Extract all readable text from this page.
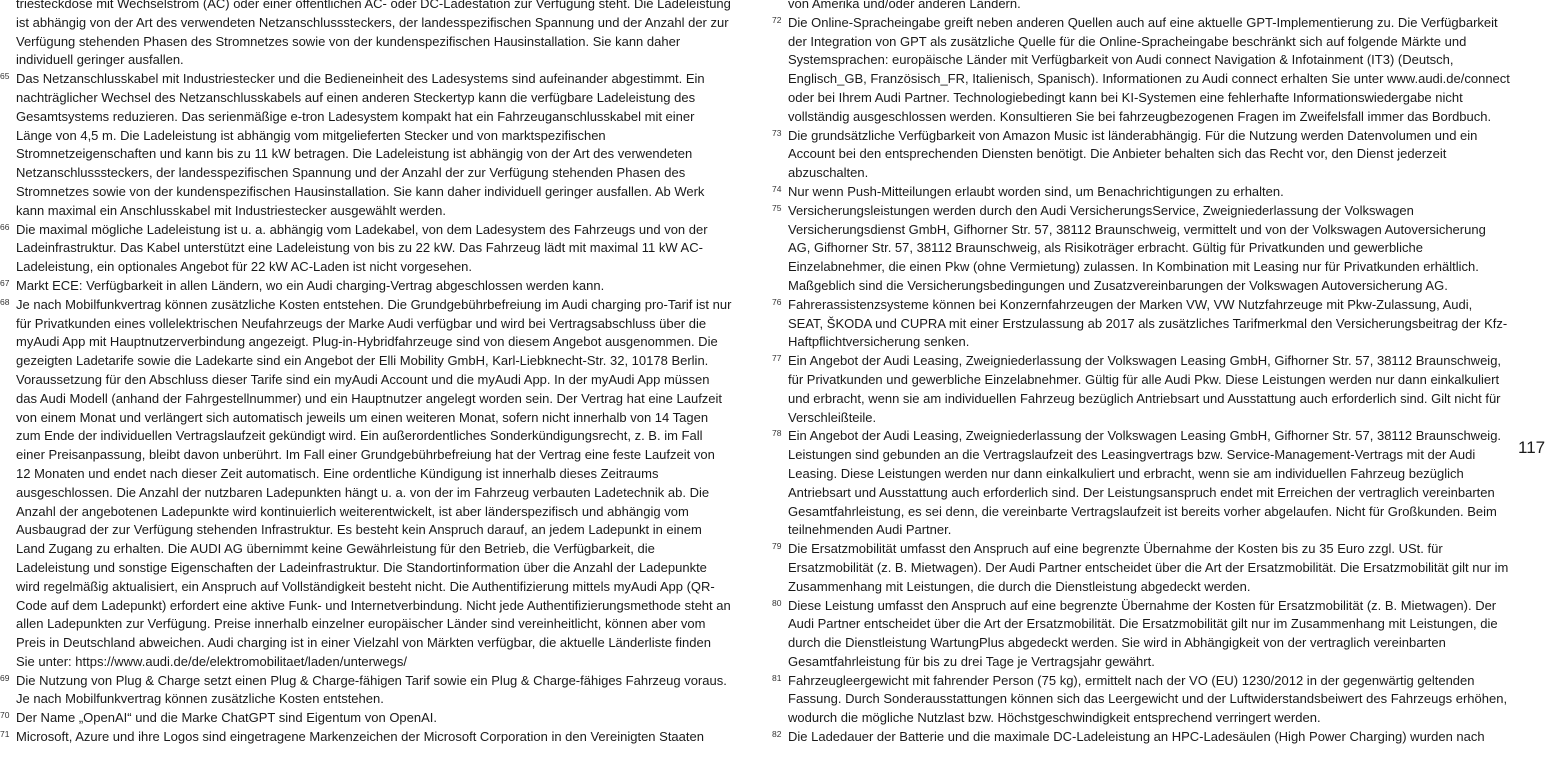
triesteckdose mit Wechselstrom (AC) oder einer öffentlichen AC- oder DC-Ladestation zur Verfügung steht. Die Ladeleistung ist abhängig von der Art des verwendeten Netzanschlusssteckers, der landesspezifischen Spannung und der Anzahl der zur Verfügung stehenden Phasen des Stromnetzes sowie von der kundenspezifischen Hausinstallation. Sie kann daher individuell geringer ausfallen.

65 Das Netzanschlusskabel mit Industriestecker und die Bedieneinheit des Ladesystems sind aufeinander abgestimmt. Ein nachträglicher Wechsel des Netzanschlusskabels auf einen anderen Steckertyp kann die verfügbare Ladeleistung des Gesamtsystems reduzieren. Das serienmäßige e-tron Ladesystem kompakt hat ein Fahrzeuganschlusskabel mit einer Länge von 4,5 m. Die Ladeleistung ist abhängig vom mitgelieferten Stecker und von marktspezifischen Stromnetzeigenschaften und kann bis zu 11 kW betragen. Die Ladeleistung ist abhängig von der Art des verwendeten Netzanschlusssteckers, der landesspezifischen Spannung und der Anzahl der zur Verfügung stehenden Phasen des Stromnetzes sowie von der kundenspezifischen Hausinstallation. Sie kann daher individuell geringer ausfallen. Ab Werk kann maximal ein Anschlusskabel mit Industriestecker ausgewählt werden.

66 Die maximal mögliche Ladeleistung ist u. a. abhängig vom Ladekabel, von dem Ladesystem des Fahrzeugs und von der Ladeinfrastruktur. Das Kabel unterstützt eine Ladeleistung von bis zu 22 kW. Das Fahrzeug lädt mit maximal 11 kW AC-Ladeleistung, ein optionales Angebot für 22 kW AC-Laden ist nicht vorgesehen.

67 Markt ECE: Verfügbarkeit in allen Ländern, wo ein Audi charging-Vertrag abgeschlossen werden kann.

68 Je nach Mobilfunkvertrag können zusätzliche Kosten entstehen. Die Grundgebührbefreiung im Audi charging pro-Tarif ist nur für Privatkunden eines vollelektrischen Neufahrzeugs der Marke Audi verfügbar und wird bei Vertragsabschluss über die myAudi App mit Hauptnutzerverbindung angezeigt. Plug-in-Hybridfahrzeuge sind von diesem Angebot ausgenommen. Die gezeigten Ladetarife sowie die Ladekarte sind ein Angebot der Elli Mobility GmbH, Karl-Liebknecht-Str. 32, 10178 Berlin. Voraussetzung für den Abschluss dieser Tarife sind ein myAudi Account und die myAudi App. In der myAudi App müssen das Audi Modell (anhand der Fahrgestellnummer) und ein Hauptnutzer angelegt worden sein. Der Vertrag hat eine Laufzeit von einem Monat und verlängert sich automatisch jeweils um einen weiteren Monat, sofern nicht innerhalb von 14 Tagen zum Ende der individuellen Vertragslaufzeit gekündigt wird. Ein außerordentliches Sonderkündigungsrecht, z. B. im Fall einer Preisanpassung, bleibt davon unberührt. Im Fall einer Grundgebührbefreiung hat der Vertrag eine feste Laufzeit von 12 Monaten und endet nach dieser Zeit automatisch. Eine ordentliche Kündigung ist innerhalb dieses Zeitraums ausgeschlossen. Die Anzahl der nutzbaren Ladepunkten hängt u. a. von der im Fahrzeug verbauten Ladetechnik ab. Die Anzahl der angebotenen Ladepunkte wird kontinuierlich weiterentwickelt, ist aber länderspezifisch und abhängig vom Ausbaugrad der zur Verfügung stehenden Infrastruktur. Es besteht kein Anspruch darauf, an jedem Ladepunkt in einem Land Zugang zu erhalten. Die AUDI AG übernimmt keine Gewährleistung für den Betrieb, die Verfügbarkeit, die Ladeleistung und sonstige Eigenschaften der Ladeinfrastruktur. Die Standortinformation über die Anzahl der Ladepunkte wird regelmäßig aktualisiert, ein Anspruch auf Vollständigkeit besteht nicht. Die Authentifizierung mittels myAudi App (QR-Code auf dem Ladepunkt) erfordert eine aktive Funk- und Internetverbindung. Nicht jede Authentifizierungsmethode steht an allen Ladepunkten zur Verfügung. Preise innerhalb einzelner europäischer Länder sind vereinheitlicht, können aber vom Preis in Deutschland abweichen. Audi charging ist in einer Vielzahl von Märkten verfügbar, die aktuelle Länderliste finden Sie unter: https://www.audi.de/de/elektromobilitaet/laden/unterwegs/

69 Die Nutzung von Plug & Charge setzt einen Plug & Charge-fähigen Tarif sowie ein Plug & Charge-fähiges Fahrzeug voraus. Je nach Mobilfunkvertrag können zusätzliche Kosten entstehen.

70 Der Name „OpenAI“ und die Marke ChatGPT sind Eigentum von OpenAI.

71 Microsoft, Azure und ihre Logos sind eingetragene Markenzeichen der Microsoft Corporation in den Vereinigten Staaten

von Amerika und/oder anderen Ländern.

72 Die Online-Spracheingabe greift neben anderen Quellen auch auf eine aktuelle GPT-Implementierung zu. Die Verfügbarkeit der Integration von GPT als zusätzliche Quelle für die Online-Spracheingabe beschränkt sich auf folgende Märkte und Systemsprachen: europäische Länder mit Verfügbarkeit von Audi connect Navigation & Infotainment (IT3) (Deutsch, Englisch_GB, Französisch_FR, Italienisch, Spanisch). Informationen zu Audi connect erhalten Sie unter www.audi.de/connect oder bei Ihrem Audi Partner. Technologiebedingt kann bei KI-Systemen eine fehlerhafte Informationswiedergabe nicht vollständig ausgeschlossen werden. Konsultieren Sie bei fahrzeugbezogenen Fragen im Zweifelsfall immer das Bordbuch.

73 Die grundsätzliche Verfügbarkeit von Amazon Music ist länderabhängig. Für die Nutzung werden Datenvolumen und ein Account bei den entsprechenden Diensten benötigt. Die Anbieter behalten sich das Recht vor, den Dienst jederzeit abzuschalten.

74 Nur wenn Push-Mitteilungen erlaubt worden sind, um Benachrichtigungen zu erhalten.

75 Versicherungsleistungen werden durch den Audi VersicherungsService, Zweigniederlassung der Volkswagen Versicherungsdienst GmbH, Gifhorner Str. 57, 38112 Braunschweig, vermittelt und von der Volkswagen Autoversicherung AG, Gifhorner Str. 57, 38112 Braunschweig, als Risikoträger erbracht. Gültig für Privatkunden und gewerbliche Einzelabnehmer, die einen Pkw (ohne Vermietung) zulassen. In Kombination mit Leasing nur für Privatkunden erhältlich. Maßgeblich sind die Versicherungsbedingungen und Zusatzvereinbarungen der Volkswagen Autoversicherung AG.

76 Fahrerassistenzsysteme können bei Konzernfahrzeugen der Marken VW, VW Nutzfahrzeuge mit Pkw-Zulassung, Audi, SEAT, ŠKODA und CUPRA mit einer Erstzulassung ab 2017 als zusätzliches Tarifmerkmal den Versicherungsbeitrag der Kfz-Haftpflichtversicherung senken.

77 Ein Angebot der Audi Leasing, Zweigniederlassung der Volkswagen Leasing GmbH, Gifhorner Str. 57, 38112 Braunschweig, für Privatkunden und gewerbliche Einzelabnehmer. Gültig für alle Audi Pkw. Diese Leistungen werden nur dann einkalkuliert und erbracht, wenn sie am individuellen Fahrzeug bezüglich Antriebsart und Ausstattung auch erforderlich sind. Gilt nicht für Verschleißteile.

78 Ein Angebot der Audi Leasing, Zweigniederlassung der Volkswagen Leasing GmbH, Gifhorner Str. 57, 38112 Braunschweig. Leistungen sind gebunden an die Vertragslaufzeit des Leasingvertrags bzw. Service-Management-Vertrags mit der Audi Leasing. Diese Leistungen werden nur dann einkalkuliert und erbracht, wenn sie am individuellen Fahrzeug bezüglich Antriebsart und Ausstattung auch erforderlich sind. Der Leistungsanspruch endet mit Erreichen der vertraglich vereinbarten Gesamtfahrleistung, es sei denn, die vereinbarte Vertragslaufzeit ist bereits vorher abgelaufen. Nicht für Großkunden. Beim teilnehmenden Audi Partner.

79 Die Ersatzmobilität umfasst den Anspruch auf eine begrenzte Übernahme der Kosten bis zu 35 Euro zzgl. USt. für Ersatzmobilität (z. B. Mietwagen). Der Audi Partner entscheidet über die Art der Ersatzmobilität. Die Ersatzmobilität gilt nur im Zusammenhang mit Leistungen, die durch die Dienstleistung abgedeckt werden.

80 Diese Leistung umfasst den Anspruch auf eine begrenzte Übernahme der Kosten für Ersatzmobilität (z. B. Mietwagen). Der Audi Partner entscheidet über die Art der Ersatzmobilität. Die Ersatzmobilität gilt nur im Zusammenhang mit Leistungen, die durch die Dienstleistung WartungPlus abgedeckt werden. Sie wird in Abhängigkeit von der vertraglich vereinbarten Gesamtfahrleistung für bis zu drei Tage je Vertragsjahr gewährt.

81 Fahrzeugleergewicht mit fahrender Person (75 kg), ermittelt nach der VO (EU) 1230/2012 in der gegenwärtig geltenden Fassung. Durch Sonderausstattungen können sich das Leergewicht und der Luftwiderstandsbeiwert des Fahrzeugs erhöhen, wodurch die mögliche Nutzlast bzw. Höchstgeschwindigkeit entsprechend verringert werden.

82 Die Ladedauer der Batterie und die maximale DC-Ladeleistung an HPC-Ladesäulen (High Power Charging) wurden nach

117
